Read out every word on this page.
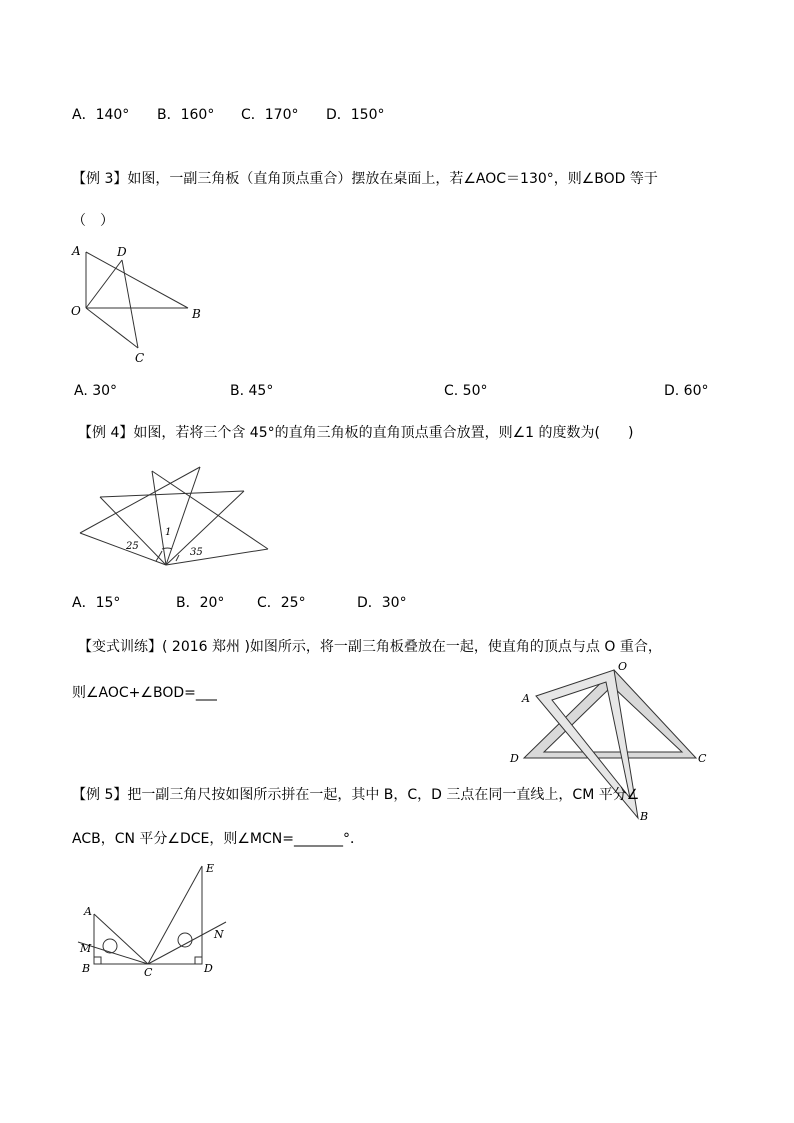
A．140° B．160° C．170° D．150°
【例 3】如图，一副三角板（直角顶点重合）摆放在桌面上，若∠AOC＝130°，则∠BOD 等于
（　）
A	D
O	B
C
A. 30°	B. 45°	C. 50°	D. 60°
【例 4】如图，若将三个含 45°的直角三角板的直角顶点重合放置，则∠1 的度数为(　　)
1
25
35
A．15°	B．20° C．25°	D．30°
【变式训练】( 2016 郑州 )如图所示，将一副三角板叠放在一起，使直角的顶点与点 O 重合，
则∠AOC+∠BOD=___
O
A
D	C
B
【例 5】把一副三角尺按如图所示拼在一起，其中 B，C，D 三点在同一直线上，CM 平分∠
ACB，CN 平分∠DCE，则∠MCN=_______°．
E
A
M
N
B	C	D
